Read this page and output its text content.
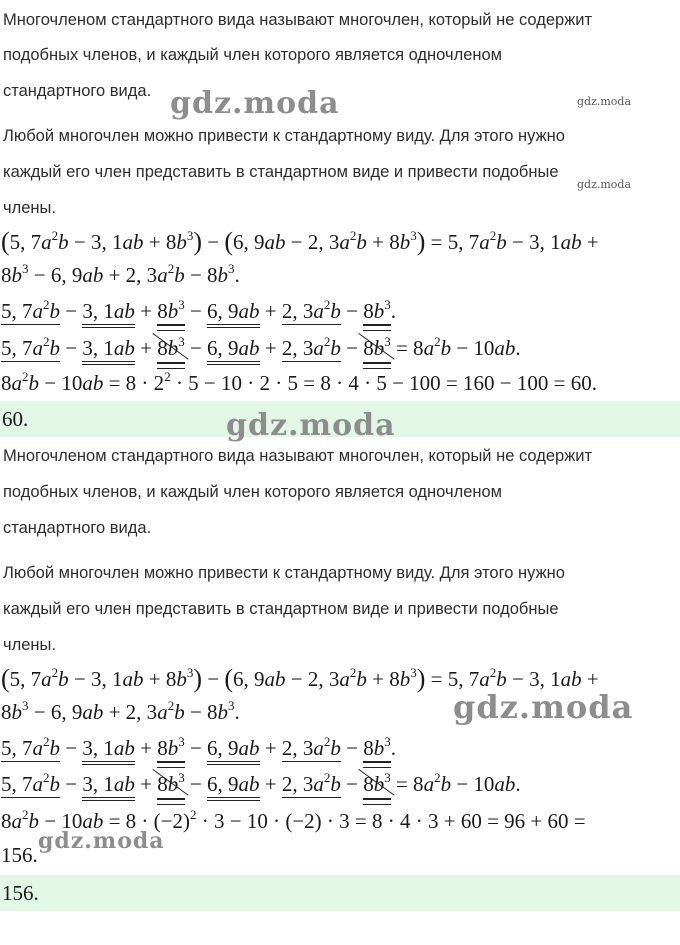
Многочленом стандартного вида называют многочлен, который не содержит
подобных членов, и каждый член которого является одночленом
стандартного вида.
Любой многочлен можно привести к стандартному виду. Для этого нужно
каждый его член представить в стандартном виде и привести подобные
члены.
(5, $7a^2b - 3$, $1ab + 8b^3) - (6$, 9ab − 2, $3a^2b + 8b^3) = 5$, $7a^2b - 3$, 1ab +
$8b^3 - 6$, 9ab + 2, $3a^2b - 8b^3$.
5, $7a^2b - 3$, $1ab + 8b^3 - 6$, 9ab + 2, $3a^2b - 8b^3$.
5, $7a^2b - 3$, $1ab + 8b^3 - 6$, 9ab + 2, $3a^2b - 8b^3 = 8a^2b - 10ab$.
$8a^2b - 10ab = 8 \cdot 2^2 \cdot 5 - 10 \cdot 2 \cdot 5 = 8 \cdot 4 \cdot 5 - 100 = 160 - 100 = 60$.
60.
Многочленом стандартного вида называют многочлен, который не содержит
подобных членов, и каждый член которого является одночленом
стандартного вида.
Любой многочлен можно привести к стандартному виду. Для этого нужно
каждый его член представить в стандартном виде и привести подобные
члены.
(5, $7a^2b - 3$, $1ab + 8b^3) - (6$, 9ab − 2, $3a^2b + 8b^3) = 5$, $7a^2b - 3$, 1ab +
$8b^3 - 6$, 9ab + 2, $3a^2b - 8b^3$.
5, $7a^2b - 3$, $1ab + 8b^3 - 6$, 9ab + 2, $3a^2b - 8b^3$.
5, $7a^2b - 3$, $1ab + 8b^3 - 6$, 9ab + 2, $3a^2b - 8b^3 = 8a^2b - 10ab$.
$8a^2b - 10ab = 8 \cdot (-2)^2 \cdot 3 - 10 \cdot (-2) \cdot 3 = 8 \cdot 4 \cdot 3 + 60 = 96 + 60$ =
156.
156.
gdz.moda	gdz.moda
gdz.moda
gdz.moda
gdz.moda
gdz.moda
